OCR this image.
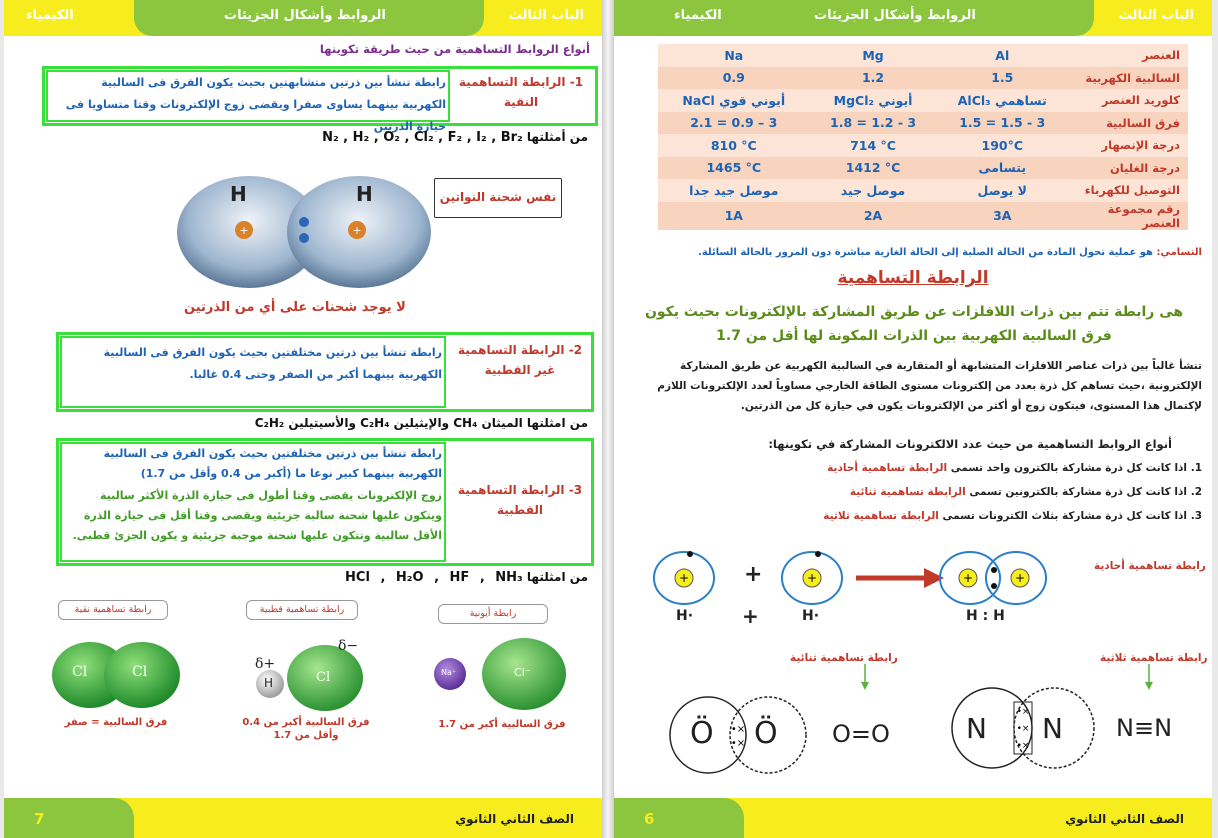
الكيمياء	الروابط وأشكال الجزيئات	الباب الثالث
أنواع الروابط التساهمية من حيث طريقة تكوينها
1- الرابطة التساهمية النقية
رابطة تنشأ بين ذرتين متشابهتين بحيث يكون الفرق فى السالبية الكهربية بينهما يساوى صفرا ويقضى زوج الإلكترونات وقتا متساويا فى حيازة الذرتين
من أمثلتها N₂ , H₂ , O₂ , Cl₂ , F₂ , I₂ , Br₂
+	+
H	H	نفس شحنة النواتين
لا يوجد شحنات على أي من الذرتين
2- الرابطة التساهمية غير القطبية
رابطة تنشأ بين ذرتين مختلفتين بحيث يكون الفرق فى السالبية الكهربية بينهما أكبر من الصفر وحتى 0.4 غالبا.
من امثلتها الميثان CH₄ والإيثيلين C₂H₄ والأسيتيلين C₂H₂
3- الرابطة التساهمية القطبية
رابطة تنشأ بين ذرتين مختلفتين بحيث يكون الفرق فى السالبية الكهربية بينهما كبير نوعا ما (أكبر من 0.4 وأقل من 1.7)
زوج الإلكترونات يقضى وقتا أطول فى حيازة الذرة الأكثر سالبية ويتكون عليها شحنة سالبة جزيئية ويقضى وقتا أقل فى حيازة الذرة الأقل سالبية وتتكون عليها شحنة موجبة جزيئية و يكون الجزئ قطبى.
من امثلتها HCl , H₂O , HF , NH₃
رابطة تساهمية نقية
Cl	Cl
فرق السالبية = صفر
رابطة تساهمية قطبية
δ+
δ−
H	Cl
فرق السالبية أكبر من 0.4 وأقل من 1.7
رابطة أيونية
Na⁺	Cl⁻
فرق السالبية أكبر من 1.7
7	الصف الثاني الثانوي
الكيمياء	الروابط وأشكال الجزيئات	الباب الثالث
Na	Mg	Al	العنصر
0.9	1.2	1.5	السالبية الكهربية
NaCl أيوني قوي	MgCl₂ أيوني	AlCl₃ تساهمي	كلوريد العنصر
2.1 = 0.9 – 3	1.8 = 1.2 - 3	1.5 = 1.5 - 3	فرق السالبية
810 °C	714 °C	190°C	درجة الإنصهار
1465 °C	1412 °C	يتسامى	درجة الغليان
موصل جيد جدا	موصل جيد	لا يوصل	التوصيل للكهرباء
1A	2A	3A	رقم مجموعة العنصر
التسامي: هو عملية تحول المادة من الحالة الصلبة إلى الحالة الغازية مباشرة دون المرور بالحالة السائلة.
الرابطة التساهمية
هى رابطة تتم بين ذرات اللافلزات عن طريق المشاركة بالإلكترونات بحيث يكون فرق السالبية الكهربية بين الذرات المكونة لها أقل من 1.7
تنشأ غالباً بين ذرات عناصر اللافلزات المتشابهة أو المتقاربة في السالبية الكهربية عن طريق المشاركة الإلكترونية ،حيث تساهم كل ذرة بعدد من إلكترونات مستوى الطاقة الخارجي مساوياً لعدد الإلكترونات اللازم لإكتمال هذا المستوى، فيتكون زوج أو أكثر من الإلكترونات يكون في حيازة كل من الذرتين.
أنواع الروابط التساهمية من حيث عدد الالكترونات المشاركة في تكوينها:
1. اذا كانت كل ذرة مشاركة بالكترون واحد تسمى الرابطة تساهمية أحادية
2. اذا كانت كل ذرة مشاركة بالكترونين تسمى الرابطة تساهمية ثنائية
3. اذا كانت كل ذرة مشاركة بثلاث الكترونات تسمى الرابطة تساهمية ثلاثية
+	+	+	+
+	رابطة تساهمية أحادية
H· +	H·	H : H
رابطة تساهمية ثنائية	رابطة تساهمية ثلاثية
•×
•×
Ö Ö O=O
•×
•×
•×
N N N≡N
6	الصف الثاني الثانوي
